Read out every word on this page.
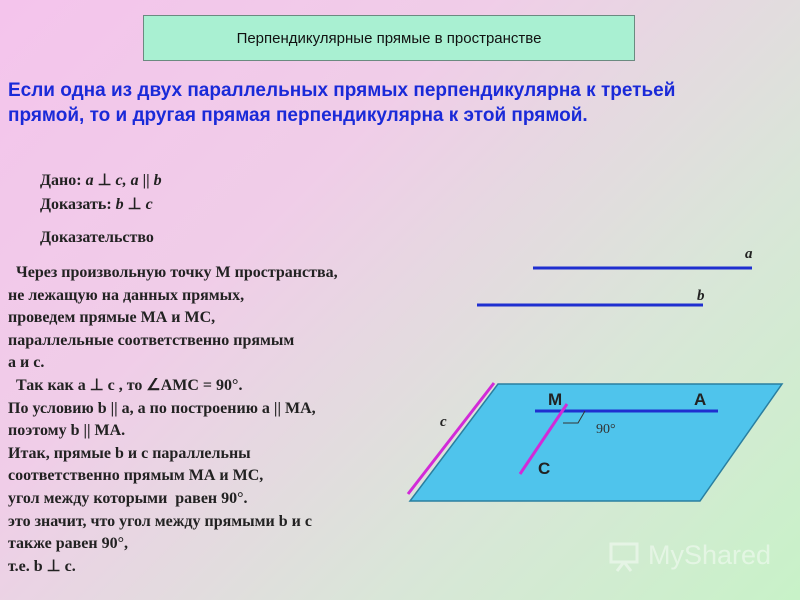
Перпендикулярные прямые в пространстве
Если одна из двух параллельных прямых перпендикулярна к третьей
прямой, то и другая прямая перпендикулярна к этой прямой.
Дано: a ⊥ c, a || b
Доказать: b ⊥ c
Доказательство
Через произвольную точку М пространства,
не лежащую на данных прямых,
проведем прямые МА и МС,
параллельные соответственно прямым
a и c.
Так как a ⊥ c , то ∠AMC = 90°.
По условию b || a, а по построению a || MA,
поэтому b || MA.
Итак, прямые b и c параллельны
соответственно прямым МА и МС,
угол между которыми  равен 90°.
это значит, что угол между прямыми b и c
также равен 90°,
т.е. b ⊥ c.
a
b
c
M	A
C
90°
MyShared
